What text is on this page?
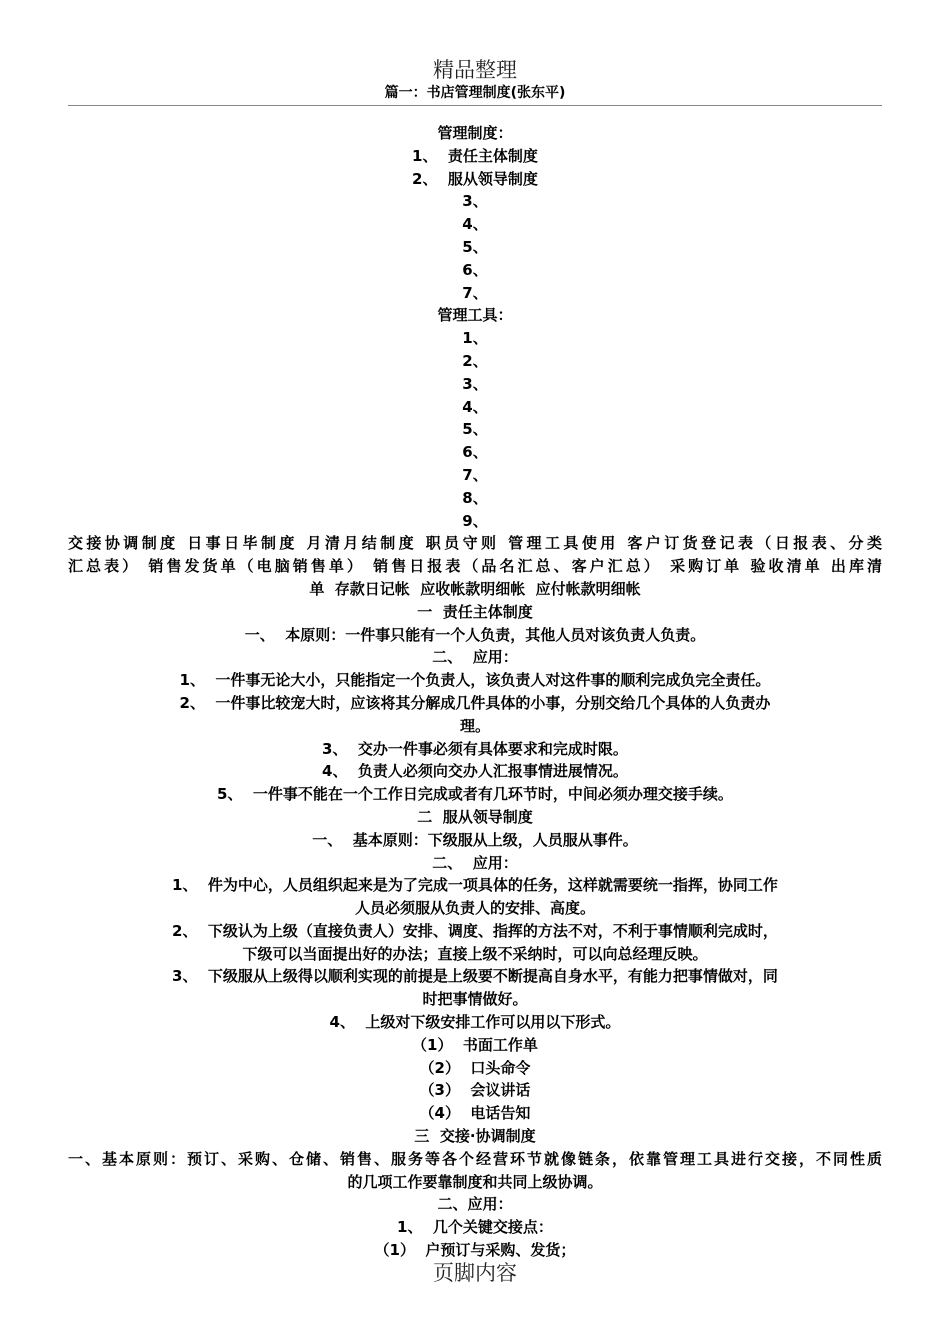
精品整理
篇一：书店管理制度(张东平)
管理制度：
1、  责任主体制度
2、  服从领导制度
3、
4、
5、
6、
7、
管理工具：
1、
2、
3、
4、
5、
6、
7、
8、
9、
交接协调制度 日事日毕制度 月清月结制度 职员守则 管理工具使用 客户订货登记表（日报表、分类
汇总表） 销售发货单（电脑销售单） 销售日报表（品名汇总、客户汇总） 采购订单 验收清单 出库清
单  存款日记帐  应收帐款明细帐  应付帐款明细帐
一  责任主体制度
一、  本原则：一件事只能有一个人负责，其他人员对该负责人负责。
二、  应用：
1、  一件事无论大小，只能指定一个负责人，该负责人对这件事的顺利完成负完全责任。
2、  一件事比较宠大时，应该将其分解成几件具体的小事，分别交给几个具体的人负责办
理。
3、  交办一件事必须有具体要求和完成时限。
4、  负责人必须向交办人汇报事情进展情况。
5、  一件事不能在一个工作日完成或者有几环节时，中间必须办理交接手续。
二  服从领导制度
一、  基本原则：下级服从上级，人员服从事件。
二、  应用：
1、  件为中心，人员组织起来是为了完成一项具体的任务，这样就需要统一指挥，协同工作
人员必须服从负责人的安排、高度。
2、  下级认为上级（直接负责人）安排、调度、指挥的方法不对，不利于事情顺利完成时，
下级可以当面提出好的办法；直接上级不采纳时，可以向总经理反映。
3、  下级服从上级得以顺利实现的前提是上级要不断提高自身水平，有能力把事情做对，同
时把事情做好。
4、  上级对下级安排工作可以用以下形式。
（1）  书面工作单
（2）  口头命令
（3）  会议讲话
（4）  电话告知
三  交接·协调制度
一、基本原则：预订、采购、仓储、销售、服务等各个经营环节就像链条，依靠管理工具进行交接，不同性质
的几项工作要靠制度和共同上级协调。
二、应用：
1、  几个关键交接点：
（1）  户预订与采购、发货；
页脚内容
